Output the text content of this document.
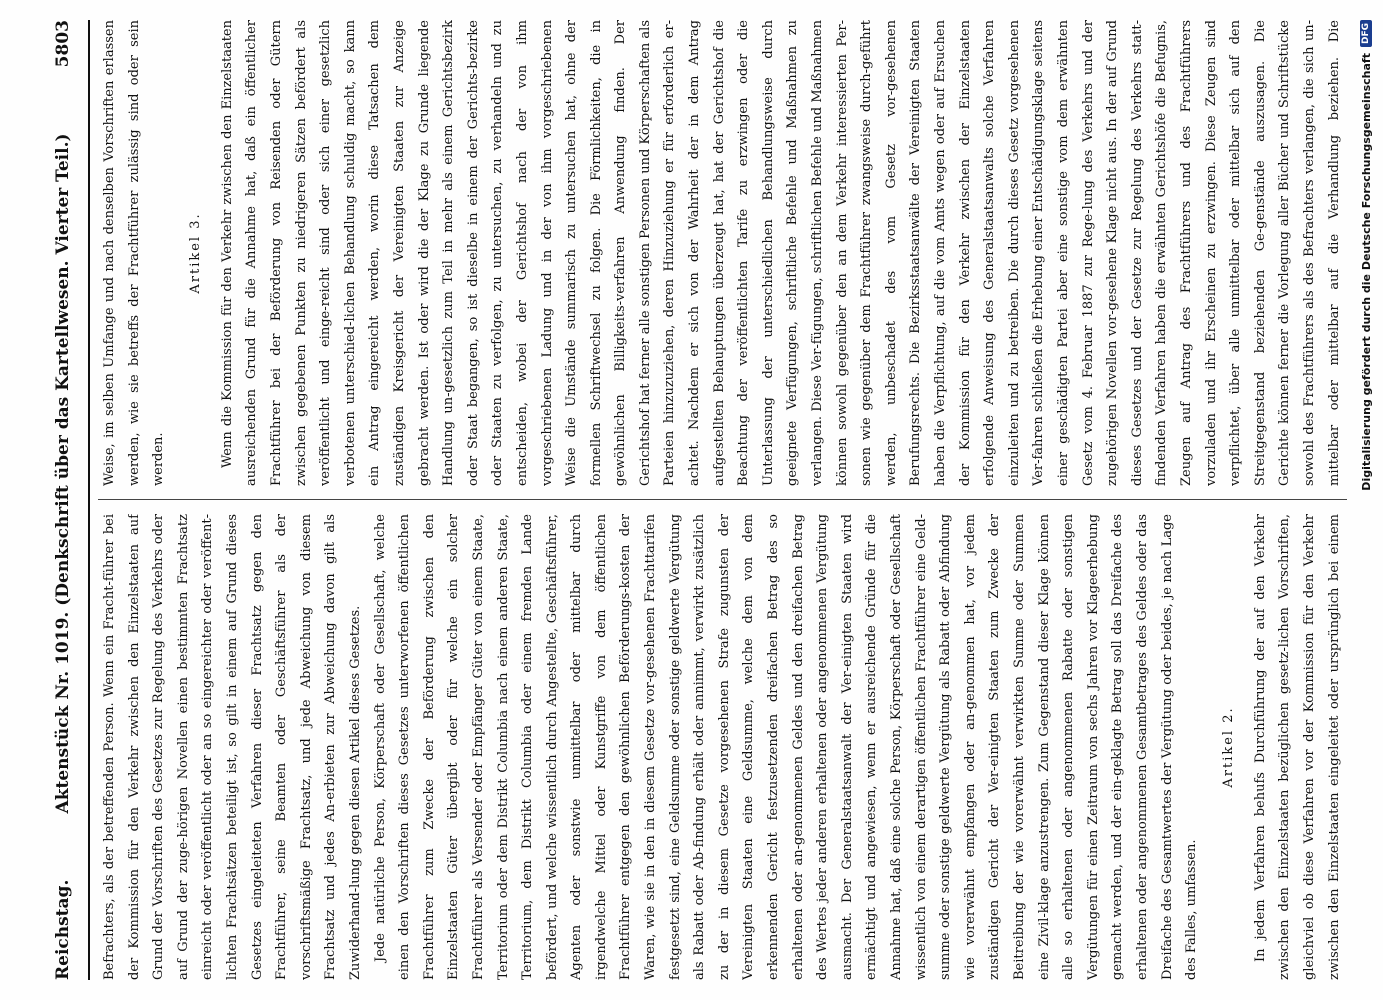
Reichstag.
Aktenstück Nr. 1019. (Denkschrift über das Kartellwesen. Vierter Teil.)
5803

Befrachters, als der betreffenden Person. Wenn ein Fracht-führer bei der Kommission für den Verkehr zwischen den Einzelstaaten auf Grund der Vorschriften des Gesetzes zur Regelung des Verkehrs oder auf Grund der zuge-hörigen Novellen einen bestimmten Frachtsatz einreicht oder veröffentlicht oder an so eingereichter oder veröffent-lichten Frachtsätzen beteiligt ist, so gilt in einem auf Grund dieses Gesetzes eingeleiteten Verfahren dieser Frachtsatz gegen den Frachtführer, seine Beamten oder Geschäftsführer als der vorschriftsmäßige Frachtsatz, und jede Abweichung von diesem Frachtsatz und jedes An-erbieten zur Abweichung davon gilt als Zuwiderhand-lung gegen diesen Artikel dieses Gesetzes. Jede natürliche Person, Körperschaft oder Gesellschaft, welche einen den Vorschriften dieses Gesetzes unterworfenen öffentlichen Frachtführer zum Zwecke der Beförderung zwischen den Einzelstaaten Güter übergibt oder für welche ein solcher Frachtführer als Versender oder Empfänger Güter von einem Staate, Territorium oder dem Distrikt Columbia nach einem anderen Staate, Territorium, dem Distrikt Columbia oder einem fremden Lande befördert, und welche wissentlich durch Angestellte, Geschäftsführer, Agenten oder sonstwie unmittelbar oder mittelbar durch irgendwelche Mittel oder Kunstgriffe von dem öffentlichen Frachtführer entgegen den gewöhnlichen Beförderungs-kosten der Waren, wie sie in den in diesem Gesetze vor-gesehenen Frachttarifen festgesetzt sind, eine Geldsumme oder sonstige geldwerte Vergütung als Rabatt oder Ab-findung erhält oder annimmt, verwirkt zusätzlich zu der in diesem Gesetze vorgesehenen Strafe zugunsten der Vereinigten Staaten eine Geldsumme, welche dem von dem erkennenden Gericht festzusetzenden dreifachen Betrag des so erhaltenen oder an-genommenen Geldes und den dreifachen Betrag des Wertes jeder anderen erhaltenen oder angenommenen Vergütung ausmacht. Der Generalstaatsanwalt der Ver-einigten Staaten wird ermächtigt und angewiesen, wenn er ausreichende Gründe für die Annahme hat, daß eine solche Person, Körperschaft oder Gesellschaft wissentlich von einem derartigen öffentlichen Frachtführer eine Geld-summe oder sonstige geldwerte Vergütung als Rabatt oder Abfindung wie vorerwähnt empfangen oder an-genommen hat, vor jedem zuständigen Gericht der Ver-einigten Staaten zum Zwecke der Beitreibung der wie vorerwähnt verwirkten Summe oder Summen eine Zivil-klage anzustrengen. Zum Gegenstand dieser Klage können alle so erhaltenen oder angenommenen Rabatte oder sonstigen Vergütungen für einen Zeitraum von sechs Jahren vor Klageerhebung gemacht werden, und der ein-geklagte Betrag soll das Dreifache des erhaltenen oder angenommenen Gesamtbetrages des Geldes oder das Dreifache des Gesamtwertes der Vergütung oder beides, je nach Lage des Falles, umfassen.

Artikel 2.

In jedem Verfahren behufs Durchführung der auf den Verkehr zwischen den Einzelstaaten bezüglichen gesetz-lichen Vorschriften, gleichviel ob diese Verfahren vor der Kommission für den Verkehr zwischen den Einzelstaaten eingeleitet oder ursprünglich bei einem

Weise, im selben Umfange und nach denselben Vorschriften erlassen werden, wie sie betreffs der Frachtführer zulässig sind oder sein werden.

Artikel 3.

Wenn die Kommission für den Verkehr zwischen den Einzelstaaten ausreichenden Grund für die Annahme hat, daß ein öffentlicher Frachtführer bei der Beförderung von Reisenden oder Gütern zwischen gegebenen Punkten zu niedrigeren Sätzen befördert als veröffentlicht und einge-reicht sind oder sich einer gesetzlich verbotenen unterschied-lichen Behandlung schuldig macht, so kann ein Antrag eingereicht werden, worin diese Tatsachen dem zuständigen Kreisgericht der Vereinigten Staaten zur Anzeige gebracht werden. Ist oder wird die der Klage zu Grunde liegende Handlung un-gesetzlich zum Teil in mehr als einem Gerichtsbezirk oder Staat begangen, so ist dieselbe in einem der Gerichts-bezirke oder Staaten zu verfolgen, zu untersuchen, zu verhandeln und zu entscheiden, wobei der Gerichtshof nach der von ihm vorgeschriebenen Ladung und in der von ihm vorgeschriebenen Weise die Umstände summarisch zu untersuchen hat, ohne der formellen Schriftwechsel zu folgen. Die Förmlichkeiten, die in gewöhnlichen Billigkeits-verfahren Anwendung finden. Der Gerichtshof hat ferner alle sonstigen Personen und Körperschaften als Parteien hinzuzuziehen, deren Hinzuziehung er für erforderlich er-achtet. Nachdem er sich von der Wahrheit der in dem Antrag aufgestellten Behauptungen überzeugt hat, hat der Gerichtshof die Beachtung der veröffentlichten Tarife zu erzwingen oder die Unterlassung der unterschiedlichen Behandlungsweise durch geeignete Verfügungen, schriftliche Befehle und Maßnahmen zu verlangen. Diese Ver-fügungen, schriftlichen Befehle und Maßnahmen können sowohl gegenüber den an dem Verkehr interessierten Per-sonen wie gegenüber dem Frachtführer zwangsweise durch-geführt werden, unbeschadet des vom Gesetz vor-gesehenen Berufungsrechts. Die Bezirksstaatsanwälte der Vereinigten Staaten haben die Verpflichtung, auf die vom Amts wegen oder auf Ersuchen der Kommission für den Verkehr zwischen der Einzelstaaten erfolgende Anweisung des Generalstaatsanwalts solche Verfahren einzuleiten und zu betreiben. Die durch dieses Gesetz vorgesehenen Ver-fahren schließen die Erhebung einer Entschädigungsklage seitens einer geschädigten Partei aber eine sonstige vom dem erwähnten Gesetz vom 4. Februar 1887 zur Rege-lung des Verkehrs und der zugehörigen Novellen vor-gesehene Klage nicht aus. In der auf Grund dieses Gesetzes und der Gesetze zur Regelung des Verkehrs statt-findenden Verfahren haben die erwähnten Gerichtshöfe die Befugnis, Zeugen auf Antrag des Frachtführers und des Frachtführers vorzuladen und ihr Erscheinen zu erzwingen. Diese Zeugen sind verpflichtet, über alle unmittelbar oder mittelbar sich auf den Streitgegenstand beziehenden Ge-genstände auszusagen. Die Gerichte können ferner die Vorlegung aller Bücher und Schriftstücke sowohl des Frachtführers als des Befrachters verlangen, die sich un-mittelbar oder mittelbar auf die Verhandlung beziehen. Die

Digitalisierung gefördert durch die Deutsche Forschungsgemeinschaft
DFG
